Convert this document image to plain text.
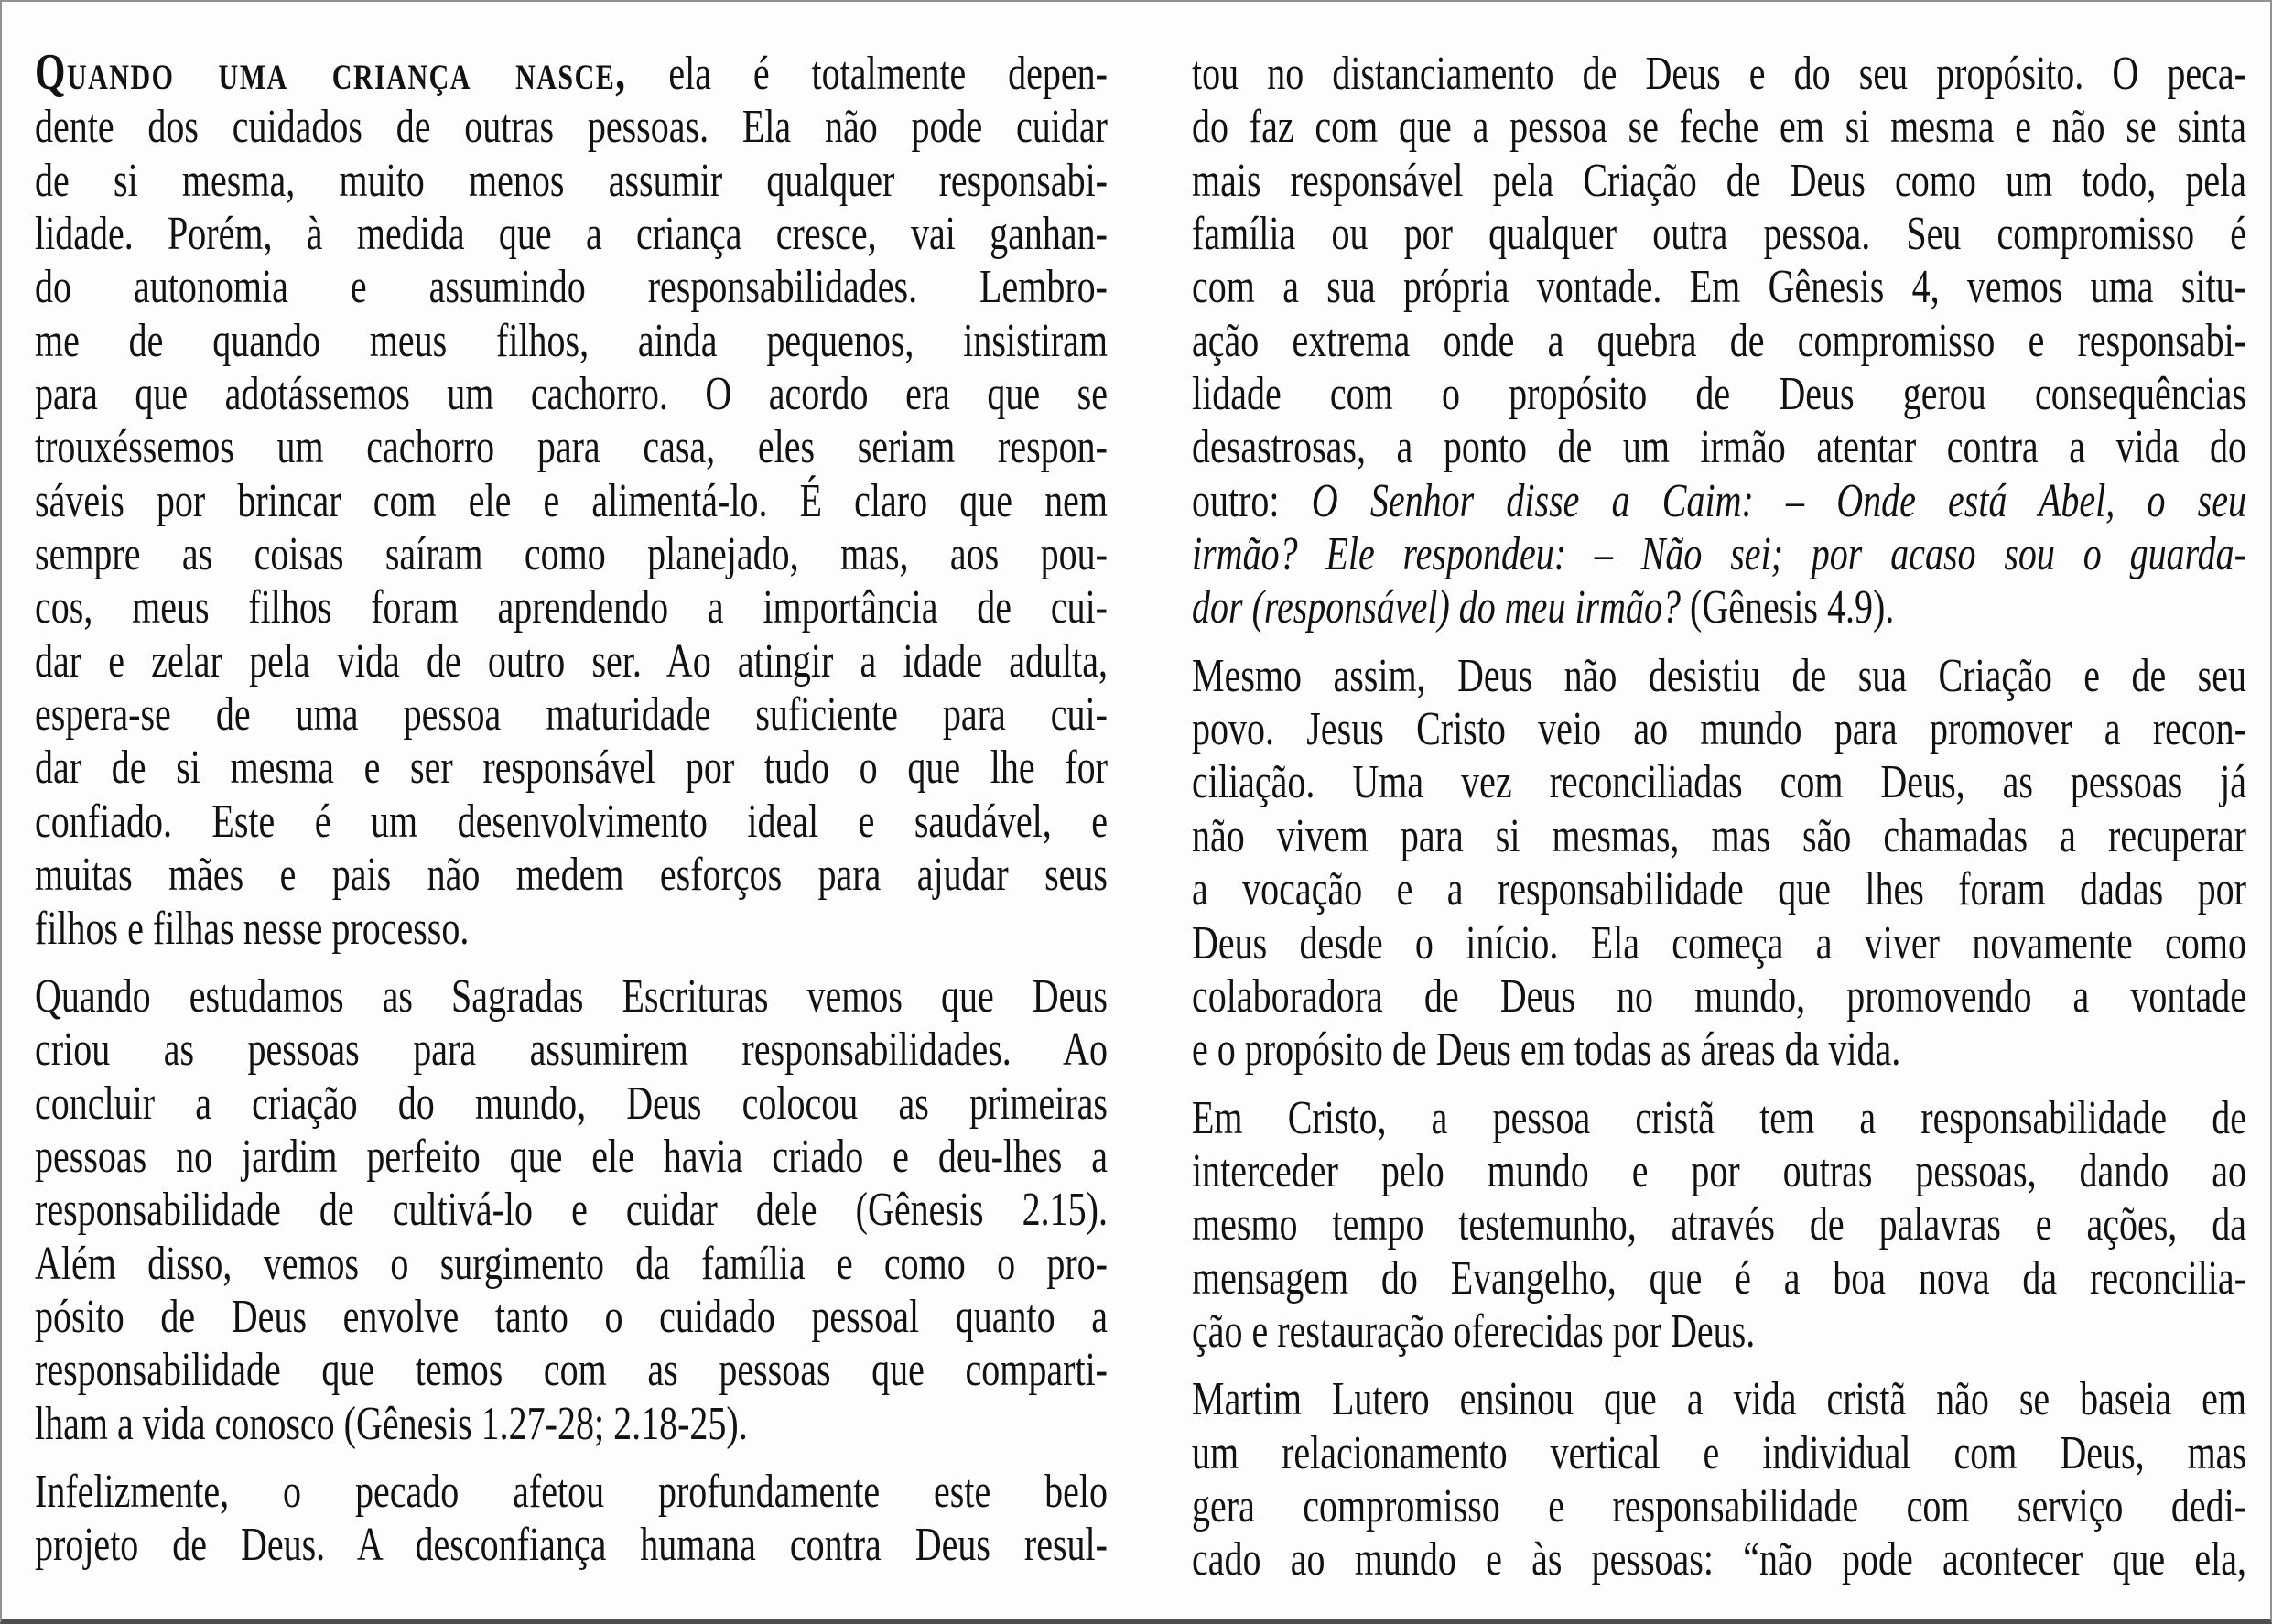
Quando uma criança nasce, ela é totalmente depen-
dente dos cuidados de outras pessoas. Ela não pode cuidar
de si mesma, muito menos assumir qualquer responsabi-
lidade. Porém, à medida que a criança cresce, vai ganhan-
do autonomia e assumindo responsabilidades. Lembro-
me de quando meus filhos, ainda pequenos, insistiram
para que adotássemos um cachorro. O acordo era que se
trouxéssemos um cachorro para casa, eles seriam respon-
sáveis por brincar com ele e alimentá-lo. É claro que nem
sempre as coisas saíram como planejado, mas, aos pou-
cos, meus filhos foram aprendendo a importância de cui-
dar e zelar pela vida de outro ser. Ao atingir a idade adulta,
espera-se de uma pessoa maturidade suficiente para cui-
dar de si mesma e ser responsável por tudo o que lhe for
confiado. Este é um desenvolvimento ideal e saudável, e
muitas mães e pais não medem esforços para ajudar seus
filhos e filhas nesse processo.
Quando estudamos as Sagradas Escrituras vemos que Deus
criou as pessoas para assumirem responsabilidades. Ao
concluir a criação do mundo, Deus colocou as primeiras
pessoas no jardim perfeito que ele havia criado e deu-lhes a
responsabilidade de cultivá-lo e cuidar dele (Gênesis 2.15).
Além disso, vemos o surgimento da família e como o pro-
pósito de Deus envolve tanto o cuidado pessoal quanto a
responsabilidade que temos com as pessoas que comparti-
lham a vida conosco (Gênesis 1.27-28; 2.18-25).
Infelizmente, o pecado afetou profundamente este belo
projeto de Deus. A desconfiança humana contra Deus resul-
tou no distanciamento de Deus e do seu propósito. O peca-
do faz com que a pessoa se feche em si mesma e não se sinta
mais responsável pela Criação de Deus como um todo, pela
família ou por qualquer outra pessoa. Seu compromisso é
com a sua própria vontade. Em Gênesis 4, vemos uma situ-
ação extrema onde a quebra de compromisso e responsabi-
lidade com o propósito de Deus gerou consequências
desastrosas, a ponto de um irmão atentar contra a vida do
outro: O Senhor disse a Caim: – Onde está Abel, o seu
irmão? Ele respondeu: – Não sei; por acaso sou o guarda-
dor (responsável) do meu irmão? (Gênesis 4.9).
Mesmo assim, Deus não desistiu de sua Criação e de seu
povo. Jesus Cristo veio ao mundo para promover a recon-
ciliação. Uma vez reconciliadas com Deus, as pessoas já
não vivem para si mesmas, mas são chamadas a recuperar
a vocação e a responsabilidade que lhes foram dadas por
Deus desde o início. Ela começa a viver novamente como
colaboradora de Deus no mundo, promovendo a vontade
e o propósito de Deus em todas as áreas da vida.
Em Cristo, a pessoa cristã tem a responsabilidade de
interceder pelo mundo e por outras pessoas, dando ao
mesmo tempo testemunho, através de palavras e ações, da
mensagem do Evangelho, que é a boa nova da reconcilia-
ção e restauração oferecidas por Deus.
Martim Lutero ensinou que a vida cristã não se baseia em
um relacionamento vertical e individual com Deus, mas
gera compromisso e responsabilidade com serviço dedi-
cado ao mundo e às pessoas: “não pode acontecer que ela,
